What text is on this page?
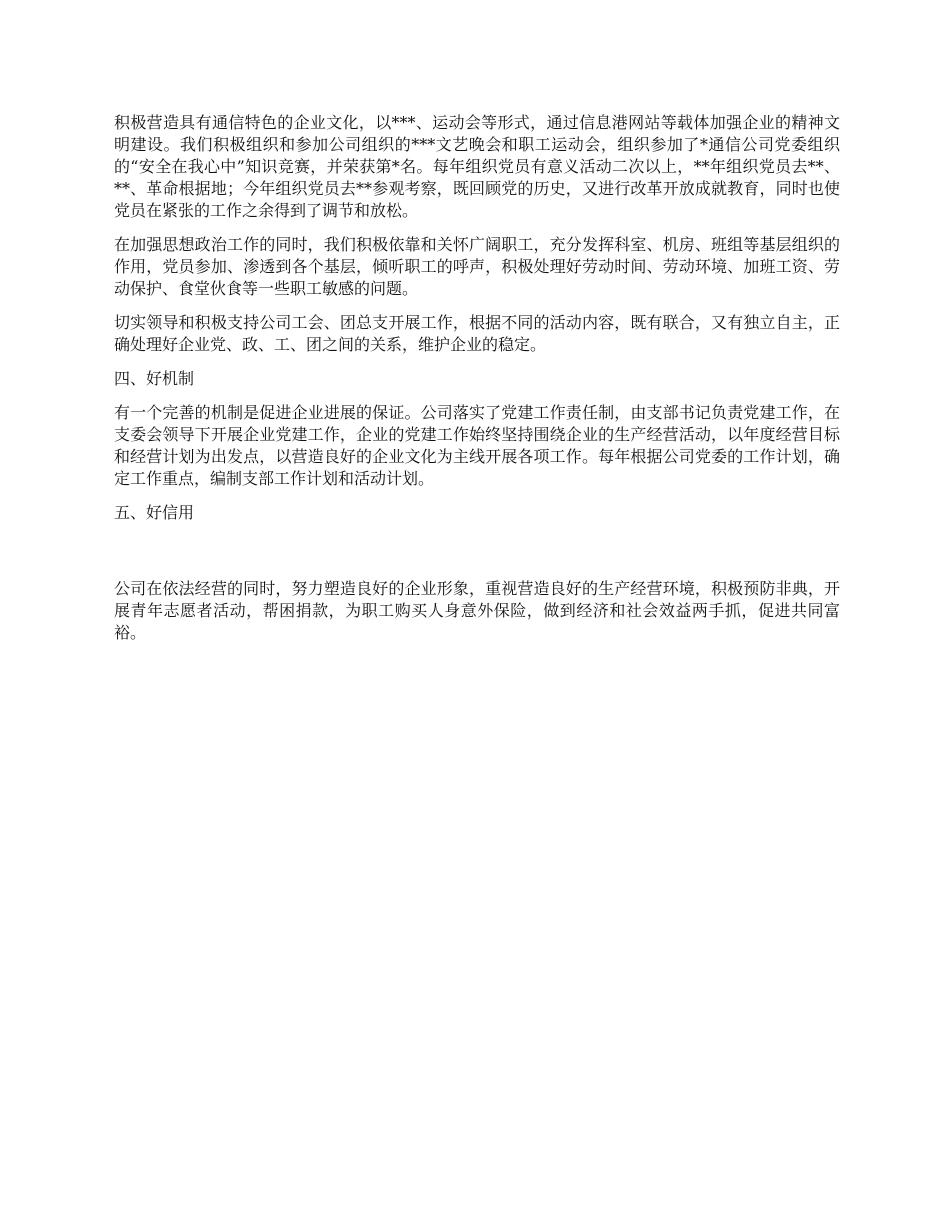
积极营造具有通信特色的企业文化，以***、运动会等形式，通过信息港网站等载体加强企业的精神文明建设。我们积极组织和参加公司组织的***文艺晚会和职工运动会，组织参加了*通信公司党委组织的“安全在我心中”知识竞赛，并荣获第*名。每年组织党员有意义活动二次以上，**年组织党员去**、**、革命根据地；今年组织党员去**参观考察，既回顾党的历史，又进行改革开放成就教育，同时也使党员在紧张的工作之余得到了调节和放松。

在加强思想政治工作的同时，我们积极依靠和关怀广阔职工，充分发挥科室、机房、班组等基层组织的作用，党员参加、渗透到各个基层，倾听职工的呼声，积极处理好劳动时间、劳动环境、加班工资、劳动保护、食堂伙食等一些职工敏感的问题。

切实领导和积极支持公司工会、团总支开展工作，根据不同的活动内容，既有联合，又有独立自主，正确处理好企业党、政、工、团之间的关系，维护企业的稳定。

四、好机制

有一个完善的机制是促进企业进展的保证。公司落实了党建工作责任制，由支部书记负责党建工作，在支委会领导下开展企业党建工作，企业的党建工作始终坚持围绕企业的生产经营活动，以年度经营目标和经营计划为出发点，以营造良好的企业文化为主线开展各项工作。每年根据公司党委的工作计划，确定工作重点，编制支部工作计划和活动计划。

五、好信用

公司在依法经营的同时，努力塑造良好的企业形象，重视营造良好的生产经营环境，积极预防非典，开展青年志愿者活动，帮困捐款，为职工购买人身意外保险，做到经济和社会效益两手抓，促进共同富裕。
